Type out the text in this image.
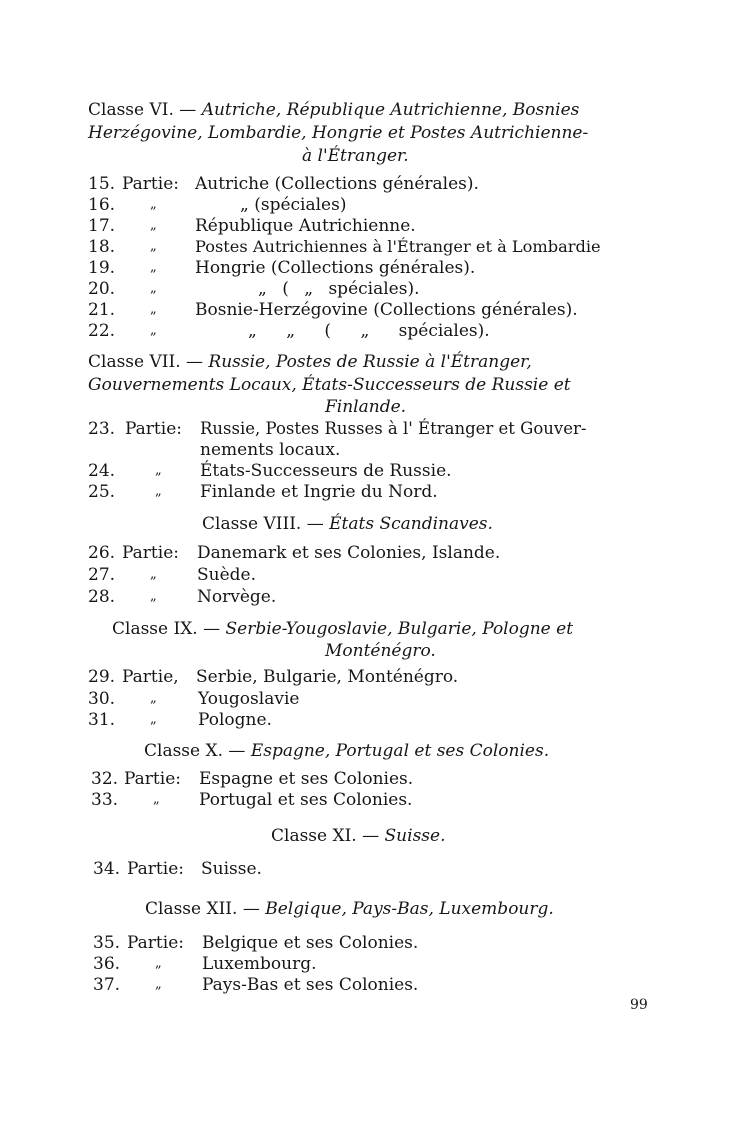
Classe VI. — Autriche, République Autrichienne, Bosnies
Herzégovine, Lombardie, Hongrie et Postes Autrichienne-
à l'Étranger.
15. Partie: Autriche (Collections générales).
16.	„	„ (spéciales)
17.	„ République Autrichienne.
18.	„ Postes Autrichiennes à l'Étranger et à Lombardie
19.	„ Hongrie (Collections générales).
20.	„	„ ( „ spéciales).
21.	„ Bosnie-Herzégovine (Collections générales).
22.	„	„ „ ( „ spéciales).
Classe VII. — Russie, Postes de Russie à l'Étranger,
Gouvernements Locaux, États-Successeurs de Russie et
Finlande.
23. Partie: Russie, Postes Russes à l' Étranger et Gouver-
nements locaux.
24.	„ États-Successeurs de Russie.
25.	„ Finlande et Ingrie du Nord.
Classe VIII. — États Scandinaves.
26. Partie: Danemark et ses Colonies, Islande.
27.	„ Suède.
28.	„ Norvège.
Classe IX. — Serbie-Yougoslavie, Bulgarie, Pologne et
Monténégro.
29. Partie, Serbie, Bulgarie, Monténégro.
30.	„ Yougoslavie
31.	„ Pologne.
Classe X. — Espagne, Portugal et ses Colonies.
32. Partie: Espagne et ses Colonies.
33.	„ Portugal et ses Colonies.
Classe XI. — Suisse.
34. Partie: Suisse.
Classe XII. — Belgique, Pays-Bas, Luxembourg.
35. Partie: Belgique et ses Colonies.
36.	„ Luxembourg.
37.	„ Pays-Bas et ses Colonies.
99
